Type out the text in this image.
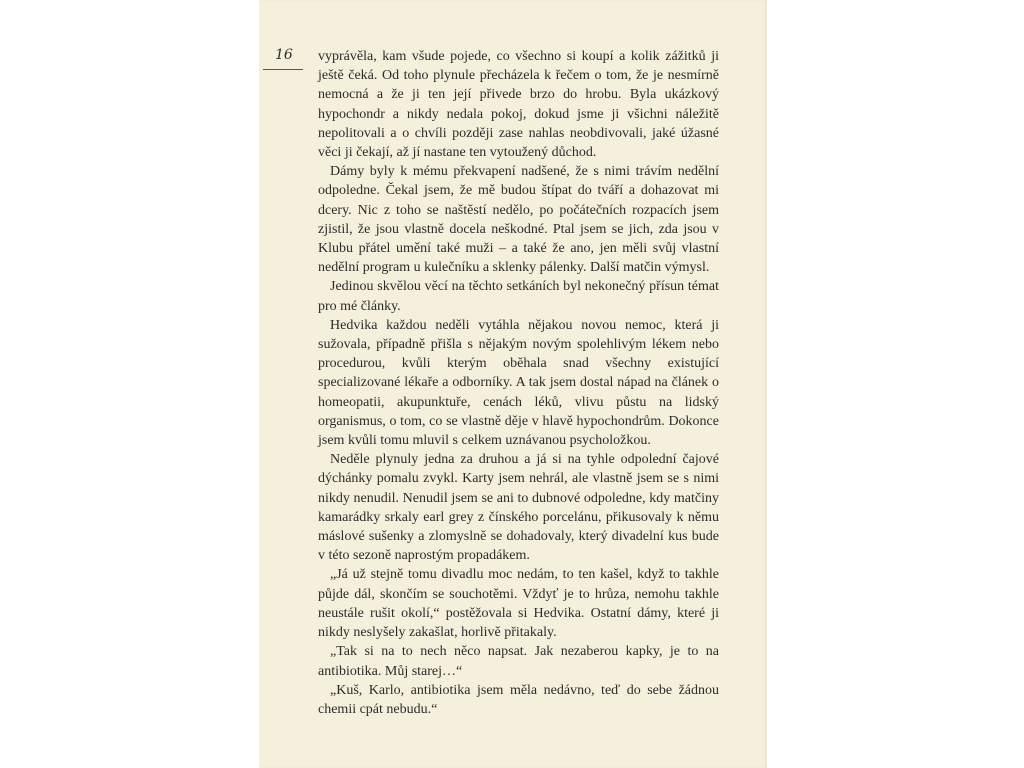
16 vyprávěla, kam všude pojede, co všechno si koupí a kolik zážitků ji ještě čeká. Od toho plynule přecházela k řečem o tom, že je nesmírně nemocná a že ji ten její přivede brzo do hrobu. Byla ukázkový hypochondr a nikdy nedala pokoj, dokud jsme ji všichni náležitě nepolitovali a o chvíli později zase nahlas neobdivovali, jaké úžasné věci ji čekají, až jí nastane ten vytoužený důchod.

Dámy byly k mému překvapení nadšené, že s nimi trávím nedělní odpoledne. Čekal jsem, že mě budou štípat do tváří a dohazovat mi dcery. Nic z toho se naštěstí nedělo, po počátečních rozpacích jsem zjistil, že jsou vlastně docela neškodné. Ptal jsem se jich, zda jsou v Klubu přátel umění také muži – a také že ano, jen měli svůj vlastní nedělní program u kulečníku a sklenky pálenky. Další matčin výmysl.

Jedinou skvělou věcí na těchto setkáních byl nekonečný přísun témat pro mé články.

Hedvika každou neděli vytáhla nějakou novou nemoc, která ji sužovala, případně přišla s nějakým novým spolehlivým lékem nebo procedurou, kvůli kterým oběhala snad všechny existující specializované lékaře a odborníky. A tak jsem dostal nápad na článek o homeopatii, akupunktuře, cenách léků, vlivu půstu na lidský organismus, o tom, co se vlastně děje v hlavě hypochondrům. Dokonce jsem kvůli tomu mluvil s celkem uznávanou psycholožkou.

Neděle plynuly jedna za druhou a já si na tyhle odpolední čajové dýchánky pomalu zvykl. Karty jsem nehrál, ale vlastně jsem se s nimi nikdy nenudil. Nenudil jsem se ani to dubnové odpoledne, kdy matčiny kamarádky srkaly earl grey z čínského porcelánu, přikusovaly k němu máslové sušenky a zlomyslně se dohadovaly, který divadelní kus bude v této sezoně naprostým propadákem.

„Já už stejně tomu divadlu moc nedám, to ten kašel, když to takhle půjde dál, skončím se souchotěmi. Vždyť je to hrůza, nemohu takhle neustále rušit okolí,“ postěžovala si Hedvika. Ostatní dámy, které ji nikdy neslyšely zakašlat, horlivě přitakaly.

„Tak si na to nech něco napsat. Jak nezaberou kapky, je to na antibiotika. Můj starej…“

„Kuš, Karlo, antibiotika jsem měla nedávno, teď do sebe žádnou chemii cpát nebudu.“
